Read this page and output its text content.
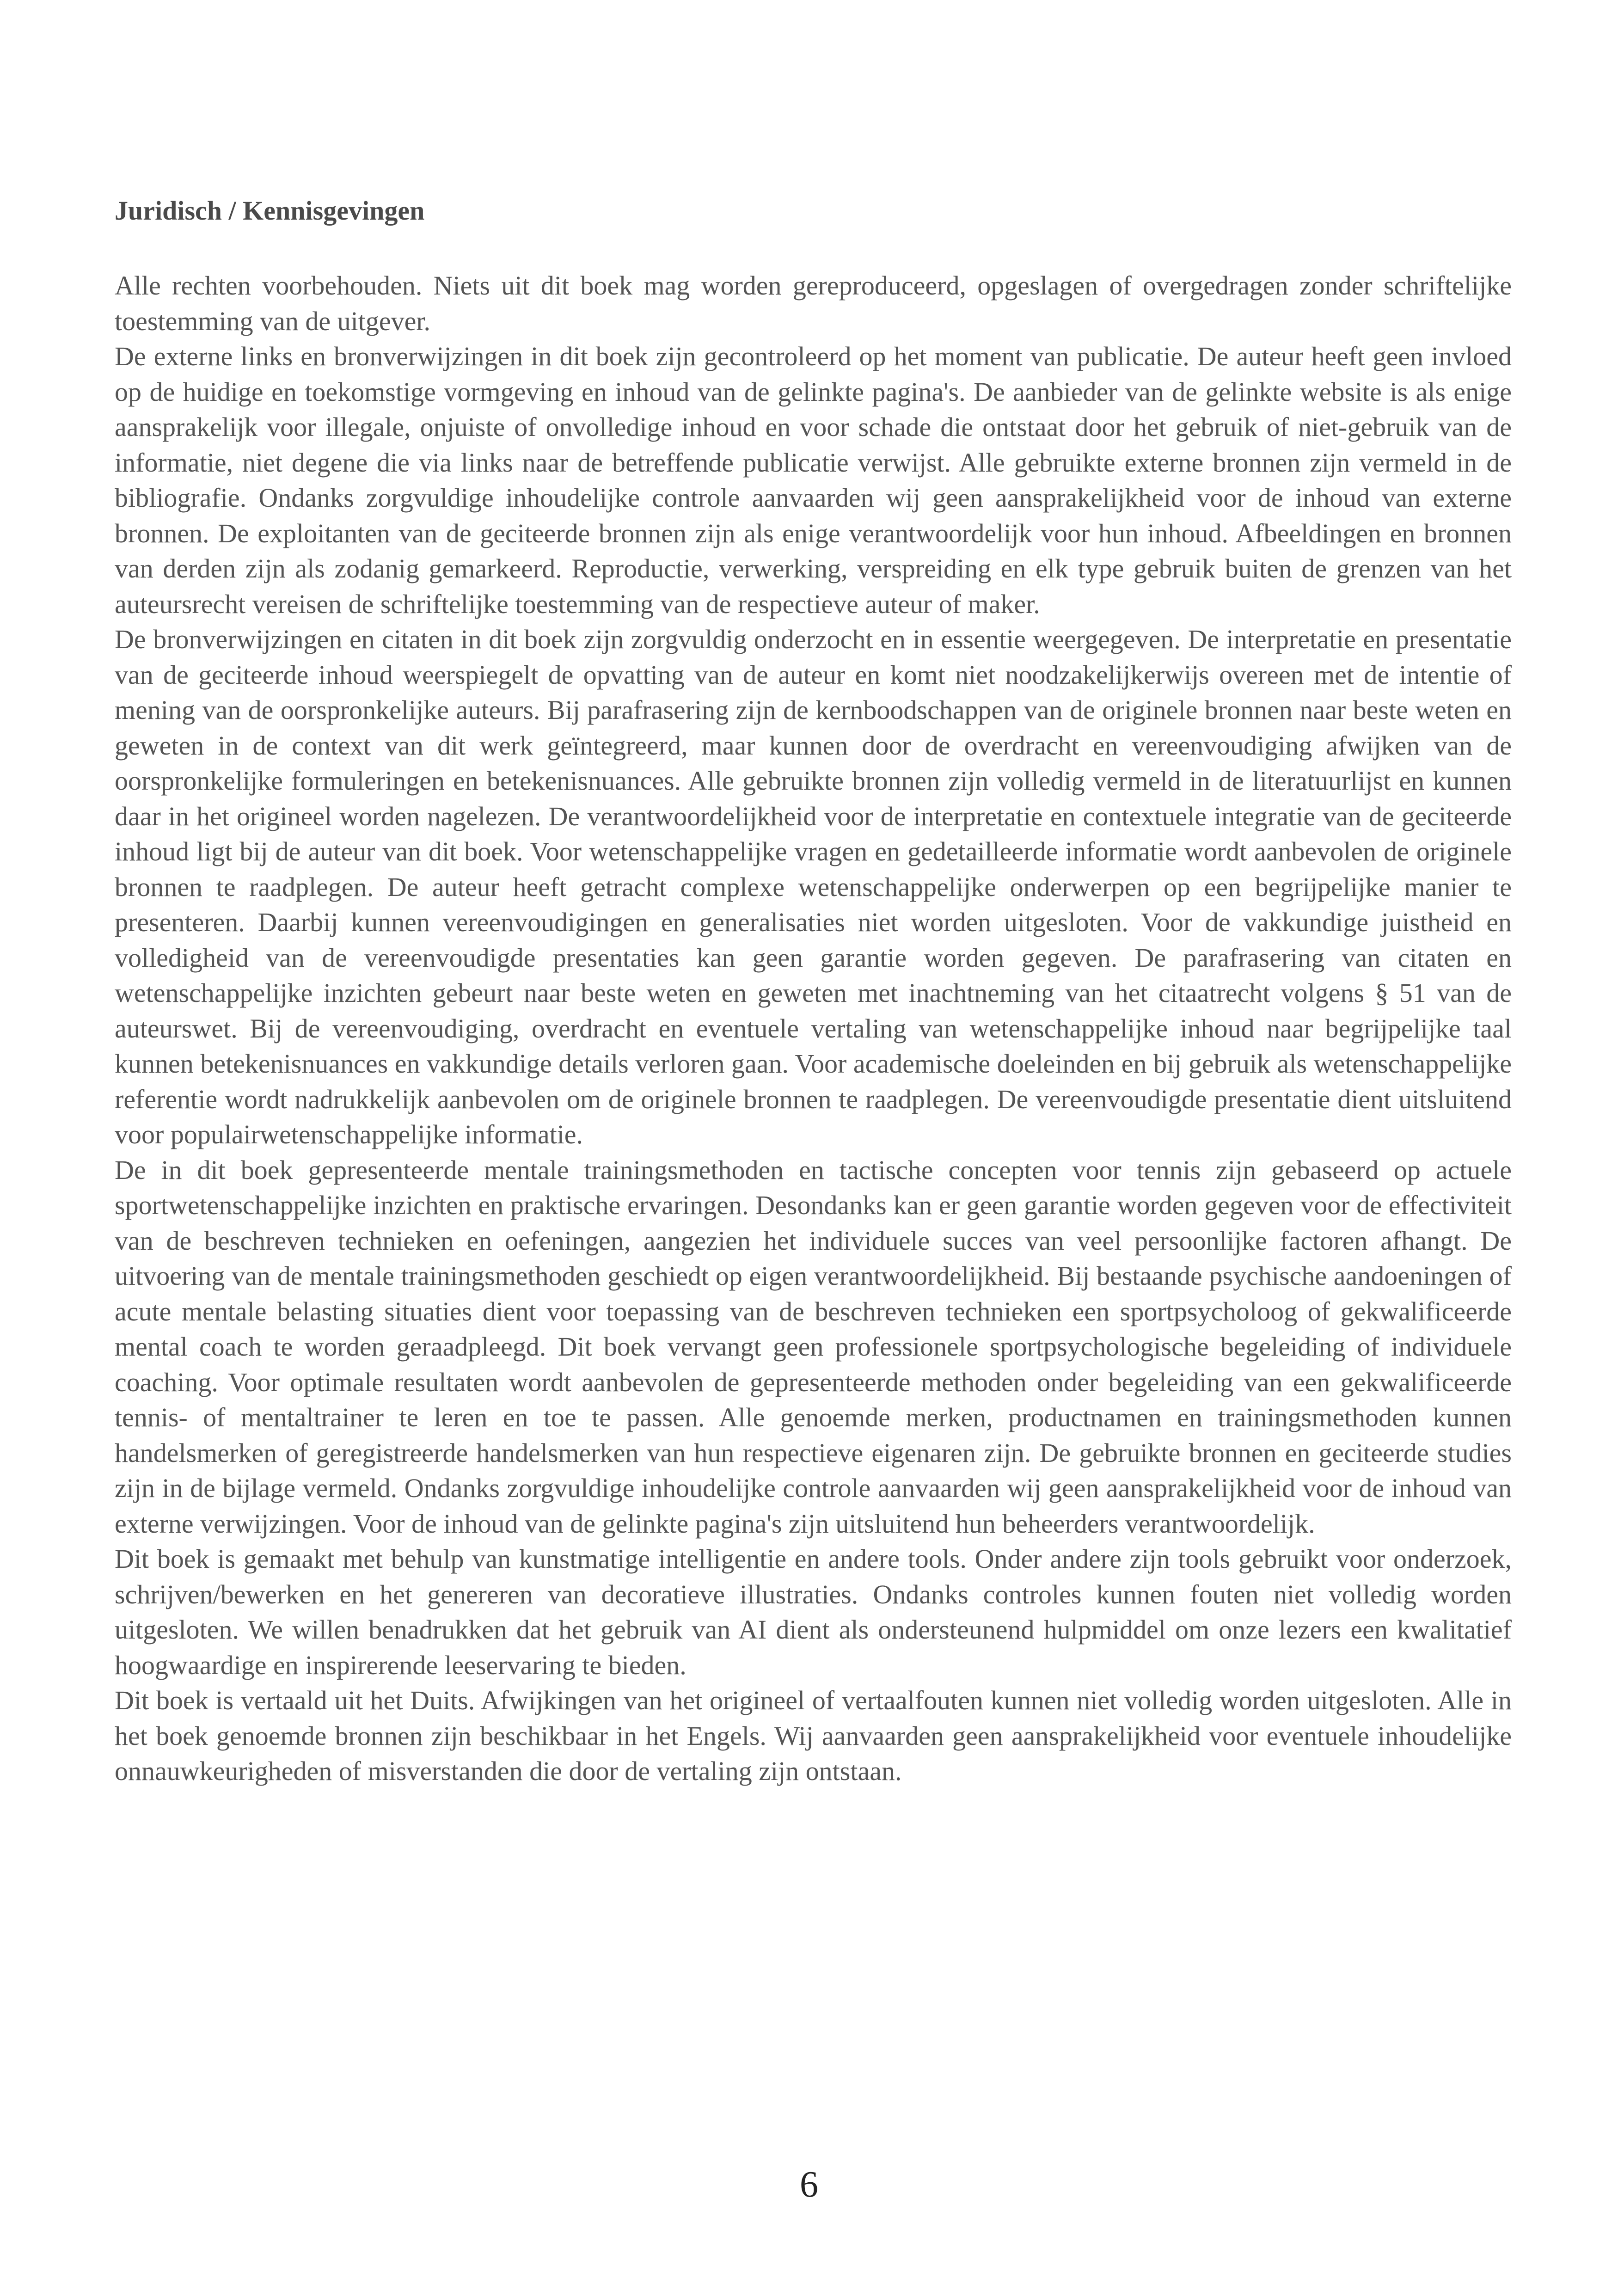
Juridisch / Kennisgevingen

Alle rechten voorbehouden. Niets uit dit boek mag worden gereproduceerd, opgeslagen of overgedragen zonder schriftelijke toestemming van de uitgever.

De externe links en bronverwijzingen in dit boek zijn gecontroleerd op het moment van publicatie. De auteur heeft geen invloed op de huidige en toekomstige vormgeving en inhoud van de gelinkte pagina's. De aanbieder van de gelinkte website is als enige aansprakelijk voor illegale, onjuiste of onvolledige inhoud en voor schade die ontstaat door het gebruik of niet-gebruik van de informatie, niet degene die via links naar de betreffende publicatie verwijst. Alle gebruikte externe bronnen zijn vermeld in de bibliografie. Ondanks zorgvuldige inhoudelijke controle aanvaarden wij geen aansprakelijkheid voor de inhoud van externe bronnen. De exploitanten van de geciteerde bronnen zijn als enige verantwoordelijk voor hun inhoud. Afbeeldingen en bronnen van derden zijn als zodanig gemarkeerd. Reproductie, verwerking, verspreiding en elk type gebruik buiten de grenzen van het auteursrecht vereisen de schriftelijke toestemming van de respectieve auteur of maker.

De bronverwijzingen en citaten in dit boek zijn zorgvuldig onderzocht en in essentie weergegeven. De interpretatie en presentatie van de geciteerde inhoud weerspiegelt de opvatting van de auteur en komt niet noodzakelijkerwijs overeen met de intentie of mening van de oorspronkelijke auteurs. Bij parafrasering zijn de kernboodschappen van de originele bronnen naar beste weten en geweten in de context van dit werk geïntegreerd, maar kunnen door de overdracht en vereenvoudiging afwijken van de oorspronkelijke formuleringen en betekenisnuances. Alle gebruikte bronnen zijn volledig vermeld in de literatuurlijst en kunnen daar in het origineel worden nagelezen. De verantwoordelijkheid voor de interpretatie en contextuele integratie van de geciteerde inhoud ligt bij de auteur van dit boek. Voor wetenschappelijke vragen en gedetailleerde informatie wordt aanbevolen de originele bronnen te raadplegen. De auteur heeft getracht complexe wetenschappelijke onderwerpen op een begrijpelijke manier te presenteren. Daarbij kunnen vereenvoudigingen en generalisaties niet worden uitgesloten. Voor de vakkundige juistheid en volledigheid van de vereenvoudigde presentaties kan geen garantie worden gegeven. De parafrasering van citaten en wetenschappelijke inzichten gebeurt naar beste weten en geweten met inachtneming van het citaatrecht volgens § 51 van de auteurswet. Bij de vereenvoudiging, overdracht en eventuele vertaling van wetenschappelijke inhoud naar begrijpelijke taal kunnen betekenisnuances en vakkundige details verloren gaan. Voor academische doeleinden en bij gebruik als wetenschappelijke referentie wordt nadrukkelijk aanbevolen om de originele bronnen te raadplegen. De vereenvoudigde presentatie dient uitsluitend voor populairwetenschappelijke informatie.

De in dit boek gepresenteerde mentale trainingsmethoden en tactische concepten voor tennis zijn gebaseerd op actuele sportwetenschappelijke inzichten en praktische ervaringen. Desondanks kan er geen garantie worden gegeven voor de effectiviteit van de beschreven technieken en oefeningen, aangezien het individuele succes van veel persoonlijke factoren afhangt. De uitvoering van de mentale trainingsmethoden geschiedt op eigen verantwoordelijkheid. Bij bestaande psychische aandoeningen of acute mentale belasting situaties dient voor toepassing van de beschreven technieken een sportpsycholoog of gekwalificeerde mental coach te worden geraadpleegd. Dit boek vervangt geen professionele sportpsychologische begeleiding of individuele coaching. Voor optimale resultaten wordt aanbevolen de gepresenteerde methoden onder begeleiding van een gekwalificeerde tennis- of mentaltrainer te leren en toe te passen. Alle genoemde merken, productnamen en trainingsmethoden kunnen handelsmerken of geregistreerde handelsmerken van hun respectieve eigenaren zijn. De gebruikte bronnen en geciteerde studies zijn in de bijlage vermeld. Ondanks zorgvuldige inhoudelijke controle aanvaarden wij geen aansprakelijkheid voor de inhoud van externe verwijzingen. Voor de inhoud van de gelinkte pagina's zijn uitsluitend hun beheerders verantwoordelijk.

Dit boek is gemaakt met behulp van kunstmatige intelligentie en andere tools. Onder andere zijn tools gebruikt voor onderzoek, schrijven/bewerken en het genereren van decoratieve illustraties. Ondanks controles kunnen fouten niet volledig worden uitgesloten. We willen benadrukken dat het gebruik van AI dient als ondersteunend hulpmiddel om onze lezers een kwalitatief hoogwaardige en inspirerende leeservaring te bieden.

Dit boek is vertaald uit het Duits. Afwijkingen van het origineel of vertaalfouten kunnen niet volledig worden uitgesloten. Alle in het boek genoemde bronnen zijn beschikbaar in het Engels. Wij aanvaarden geen aansprakelijkheid voor eventuele inhoudelijke onnauwkeurigheden of misverstanden die door de vertaling zijn ontstaan.

6
